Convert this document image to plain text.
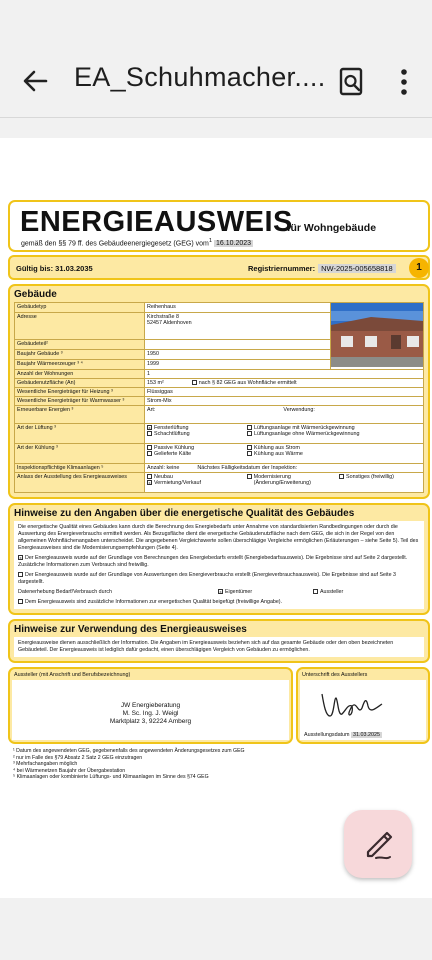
EA_Schuhmacher....
ENERGIEAUSWEIS
für Wohngebäude
gemäß den §§ 79 ff. des Gebäudeenergiegesetz (GEG) vom$^1$ 16.10.2023
Gültig bis: 31.03.2035	Registriernummer: NW-2025-005658818	1
Gebäude
Gebäudetyp	Reihenhaus	
Adresse	Kirchstraße 8
52457 Aldenhoven	

Gebäudeteil²		
Baujahr Gebäude ³	1950	
Baujahr Wärmeerzeuger ³ ⁴	1999	
Anzahl der Wohnungen	1	
Gebäudenutzfläche (An)	153 m² nach § 82 GEG aus Wohnfläche ermittelt	
Wesentliche Energieträger für Heizung ³	Flüssiggas	
Wesentliche Energieträger für Warmwasser ³	Strom-Mix	
Erneuerbare Energien ³	Art: Verwendung:	
Art der Lüftung ³	x Fensterlüftung Lüftungsanlage mit Wärmerückgewinnung
Schachtlüftung Lüftungsanlage ohne Wärmerückgewinnung	

Art der Kühlung ³	Passive Kühlung Kühlung aus Strom
Gelieferte Kälte Kühlung aus Wärme	

Inspektionspflichtige Klimaanlagen ⁵	Anzahl: keine Nächstes Fälligkeitsdatum der Inspektion:	
Anlass der Ausstellung des Energieausweises	Neubau
x Vermietung/Verkauf
Modernisierung (Änderung/Erweiterung)
Sonstiges (freiwillig)	
Hinweise zu den Angaben über die energetische Qualität des Gebäudes

Die energetische Qualität eines Gebäudes kann durch die Berechnung des Energiebedarfs unter Annahme von standardisierten Randbedingungen oder durch die Auswertung des Energieverbrauchs ermittelt werden. Als Bezugsfläche dient die energetische Gebäudenutzfläche nach dem GEG, die sich in der Regel von den allgemeinen Wohnflächenangaben unterscheidet. Die angegebenen Vergleichswerte sollen überschlägige Vergleiche ermöglichen (Erläuterungen – siehe Seite 5). Teil des Energieausweises sind die Modernisierungsempfehlungen (Seite 4).

x Der Energieausweis wurde auf der Grundlage von Berechnungen des Energiebedarfs erstellt (Energiebedarfsausweis). Die Ergebnisse sind auf Seite 2 dargestellt. Zusätzliche Informationen zum Verbrauch sind freiwillig.

Der Energieausweis wurde auf der Grundlage von Auswertungen des Energieverbrauchs erstellt (Energieverbrauchsausweis). Die Ergebnisse sind auf Seite 3 dargestellt.

Datenerhebung Bedarf/Verbrauch durch	x Eigentümer	Aussteller

Dem Energieausweis sind zusätzliche Informationen zur energetischen Qualität beigefügt (freiwillige Angabe).

Hinweise zur Verwendung des Energieausweises
Energieausweise dienen ausschließlich der Information. Die Angaben im Energieausweis beziehen sich auf das gesamte Gebäude oder den oben bezeichneten Gebäudeteil. Der Energieausweis ist lediglich dafür gedacht, einen überschlägigen Vergleich von Gebäuden zu ermöglichen.
Aussteller (mit Anschrift und Berufsbezeichnung)
JW Energieberatung
M. Sc. Ing. J. Weigl
Marktplatz 3, 92224 Amberg
Unterschrift des Ausstellers
Ausstellungsdatum 31.03.2025
¹ Datum des angewendeten GEG, gegebenenfalls des angewendeten Änderungsgesetzes zum GEG
² nur im Falle des §79 Absatz 2 Satz 2 GEG einzutragen
³ Mehrfachangaben möglich
⁴ bei Wärmenetzen Baujahr der Übergabestation
⁵ Klimaanlagen oder kombinierte Lüftungs- und Klimaanlagen im Sinne des §74 GEG
